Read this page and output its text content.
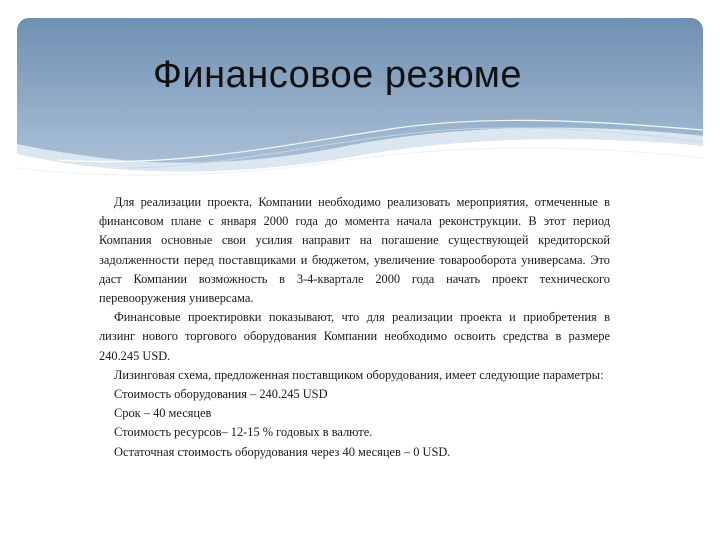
Финансовое резюме

Для реализации проекта, Компании необходимо реализовать мероприятия, отмеченные в финансовом плане с января 2000 года до момента начала реконструкции. В этот период Компания основные свои усилия направит на погашение существующей кредиторской задолженности перед поставщиками и бюджетом, увеличение товарооборота универсама. Это даст Компании возможность в 3-4-квартале 2000 года начать проект технического перевооружения универсама.

Финансовые проектировки показывают, что для реализации проекта и приобретения в лизинг нового торгового оборудования Компании необходимо освоить средства в размере 240.245 USD.

Лизинговая схема, предложенная поставщиком оборудования, имеет следующие параметры:

Стоимость оборудования – 240.245 USD
Срок – 40 месяцев
Стоимость ресурсов– 12-15 % годовых в валюте.
Остаточная стоимость оборудования через 40 месяцев – 0 USD.
